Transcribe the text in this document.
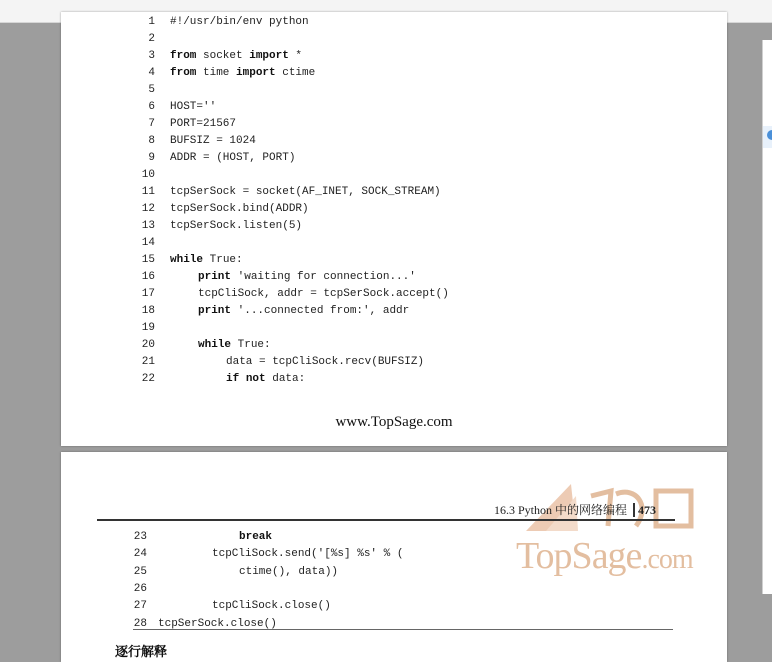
1 #!/usr/bin/env python
2
3 from socket import *
4 from time import ctime
5
6 HOST=''
7 PORT=21567
8 BUFSIZ = 1024
9 ADDR = (HOST, PORT)
10
11 tcpSerSock = socket(AF_INET, SOCK_STREAM)
12 tcpSerSock.bind(ADDR)
13 tcpSerSock.listen(5)
14
15 while True:
16	print 'waiting for connection...'
17	tcpCliSock, addr = tcpSerSock.accept()
18	print '...connected from:', addr
19
20	while True:
21	data = tcpCliSock.recv(BUFSIZ)
22	if not data:
www.TopSage.com
TopSage.com
16.3 Python 中的网络编程 473
23	break
24	tcpCliSock.send('[%s] %s' % (
25	ctime(), data))
26
27	tcpCliSock.close()
28 tcpSerSock.close()
逐行解释
